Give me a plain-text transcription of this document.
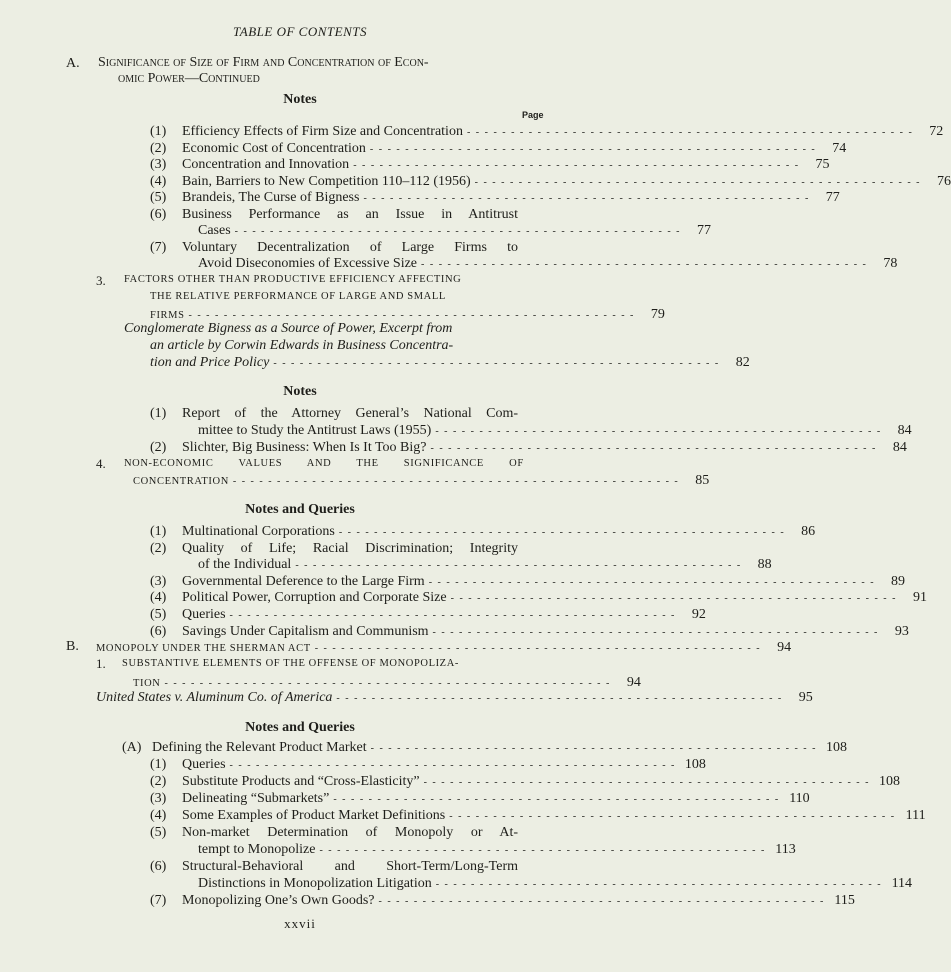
TABLE OF CONTENTS
A. Significance of Size of Firm and Concentration of Econ-
omic Power—Continued
Notes
Page
(1) Efficiency Effects of Firm Size and Concentration - - - - - - - - - - - - - - - - - - - - - - - - - - - - - - - - - - - - - - - - - - - - - - - - - - -	72
(2) Economic Cost of Concentration - - - - - - - - - - - - - - - - - - - - - - - - - - - - - - - - - - - - - - - - - - - - - - - - - - -	74
(3) Concentration and Innovation - - - - - - - - - - - - - - - - - - - - - - - - - - - - - - - - - - - - - - - - - - - - - - - - - - -	75
(4) Bain, Barriers to New Competition 110–112 (1956) - - - - - - - - - - - - - - - - - - - - - - - - - - - - - - - - - - - - - - - - - - - - - - - - - - -	76
(5) Brandeis, The Curse of Bigness - - - - - - - - - - - - - - - - - - - - - - - - - - - - - - - - - - - - - - - - - - - - - - - - - - -	77
(6) Business Performance as an Issue in Antitrust
Cases - - - - - - - - - - - - - - - - - - - - - - - - - - - - - - - - - - - - - - - - - - - - - - - - - - -	77
(7) Voluntary Decentralization of Large Firms to
Avoid Diseconomies of Excessive Size - - - - - - - - - - - - - - - - - - - - - - - - - - - - - - - - - - - - - - - - - - - - - - - - - - -	78
3. FACTORS OTHER THAN PRODUCTIVE EFFICIENCY AFFECTING
THE RELATIVE PERFORMANCE OF LARGE AND SMALL
FIRMS - - - - - - - - - - - - - - - - - - - - - - - - - - - - - - - - - - - - - - - - - - - - - - - - - - -	79
Conglomerate Bigness as a Source of Power, Excerpt from
an article by Corwin Edwards in Business Concentra-
tion and Price Policy - - - - - - - - - - - - - - - - - - - - - - - - - - - - - - - - - - - - - - - - - - - - - - - - - - -	82
Notes
(1) Report of the Attorney General’s National Com-
mittee to Study the Antitrust Laws (1955) - - - - - - - - - - - - - - - - - - - - - - - - - - - - - - - - - - - - - - - - - - - - - - - - - - -	84
(2) Slichter, Big Business: When Is It Too Big? - - - - - - - - - - - - - - - - - - - - - - - - - - - - - - - - - - - - - - - - - - - - - - - - - - -	84
4. NON-ECONOMIC VALUES AND THE SIGNIFICANCE OF
CONCENTRATION - - - - - - - - - - - - - - - - - - - - - - - - - - - - - - - - - - - - - - - - - - - - - - - - - - -	85
Notes and Queries
(1) Multinational Corporations - - - - - - - - - - - - - - - - - - - - - - - - - - - - - - - - - - - - - - - - - - - - - - - - - - -	86
(2) Quality of Life; Racial Discrimination; Integrity
of the Individual - - - - - - - - - - - - - - - - - - - - - - - - - - - - - - - - - - - - - - - - - - - - - - - - - - -	88
(3) Governmental Deference to the Large Firm - - - - - - - - - - - - - - - - - - - - - - - - - - - - - - - - - - - - - - - - - - - - - - - - - - -	89
(4) Political Power, Corruption and Corporate Size - - - - - - - - - - - - - - - - - - - - - - - - - - - - - - - - - - - - - - - - - - - - - - - - - - -	91
(5) Queries - - - - - - - - - - - - - - - - - - - - - - - - - - - - - - - - - - - - - - - - - - - - - - - - - - -	92
(6) Savings Under Capitalism and Communism - - - - - - - - - - - - - - - - - - - - - - - - - - - - - - - - - - - - - - - - - - - - - - - - - - -	93
B. MONOPOLY UNDER THE SHERMAN ACT - - - - - - - - - - - - - - - - - - - - - - - - - - - - - - - - - - - - - - - - - - - - - - - - - - -	94
1. SUBSTANTIVE ELEMENTS OF THE OFFENSE OF MONOPOLIZA-
TION - - - - - - - - - - - - - - - - - - - - - - - - - - - - - - - - - - - - - - - - - - - - - - - - - - -	94
United States v. Aluminum Co. of America - - - - - - - - - - - - - - - - - - - - - - - - - - - - - - - - - - - - - - - - - - - - - - - - - - -	95
Notes and Queries
(A) Defining the Relevant Product Market - - - - - - - - - - - - - - - - - - - - - - - - - - - - - - - - - - - - - - - - - - - - - - - - - - - 108
(1) Queries - - - - - - - - - - - - - - - - - - - - - - - - - - - - - - - - - - - - - - - - - - - - - - - - - - - 108
(2) Substitute Products and “Cross-Elasticity” - - - - - - - - - - - - - - - - - - - - - - - - - - - - - - - - - - - - - - - - - - - - - - - - - - - 108
(3) Delineating “Submarkets” - - - - - - - - - - - - - - - - - - - - - - - - - - - - - - - - - - - - - - - - - - - - - - - - - - - 110
(4) Some Examples of Product Market Definitions - - - - - - - - - - - - - - - - - - - - - - - - - - - - - - - - - - - - - - - - - - - - - - - - - - - 111
(5) Non-market Determination of Monopoly or At-
tempt to Monopolize - - - - - - - - - - - - - - - - - - - - - - - - - - - - - - - - - - - - - - - - - - - - - - - - - - - 113
(6) Structural-Behavioral and Short-Term/Long-Term
Distinctions in Monopolization Litigation - - - - - - - - - - - - - - - - - - - - - - - - - - - - - - - - - - - - - - - - - - - - - - - - - - - 114
(7) Monopolizing One’s Own Goods? - - - - - - - - - - - - - - - - - - - - - - - - - - - - - - - - - - - - - - - - - - - - - - - - - - - 115
xxvii
